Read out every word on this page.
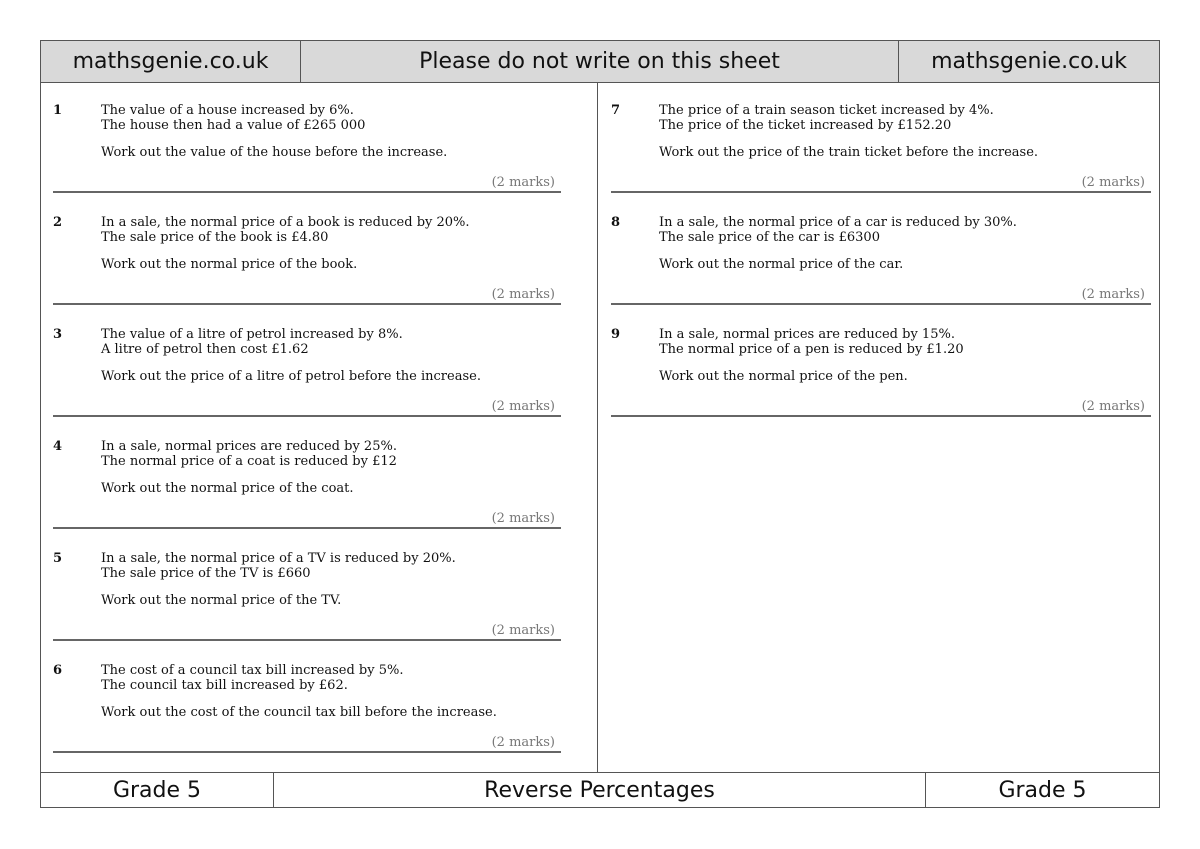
mathsgenie.co.uk	Please do not write on this sheet	mathsgenie.co.uk
1	The value of a house increased by 6%.
The house then had a value of £265 000
Work out the value of the house before the increase.
(2 marks)
2	In a sale, the normal price of a book is reduced by 20%.
The sale price of the book is £4.80
Work out the normal price of the book.
(2 marks)
3	The value of a litre of petrol increased by 8%.
A litre of petrol then cost £1.62
Work out the price of a litre of petrol before the increase.
(2 marks)
4	In a sale, normal prices are reduced by 25%.
The normal price of a coat is reduced by £12
Work out the normal price of the coat.
(2 marks)
5	In a sale, the normal price of a TV is reduced by 20%.
The sale price of the TV is £660
Work out the normal price of the TV.
(2 marks)
6	The cost of a council tax bill increased by 5%.
The council tax bill increased by £62.
Work out the cost of the council tax bill before the increase.
(2 marks)
7	The price of a train season ticket increased by 4%.
The price of the ticket increased by £152.20
Work out the price of the train ticket before the increase.
(2 marks)
8	In a sale, the normal price of a car is reduced by 30%.
The sale price of the car is £6300
Work out the normal price of the car.
(2 marks)
9	In a sale, normal prices are reduced by 15%.
The normal price of a pen is reduced by £1.20
Work out the normal price of the pen.
(2 marks)
Grade 5	Reverse Percentages	Grade 5
